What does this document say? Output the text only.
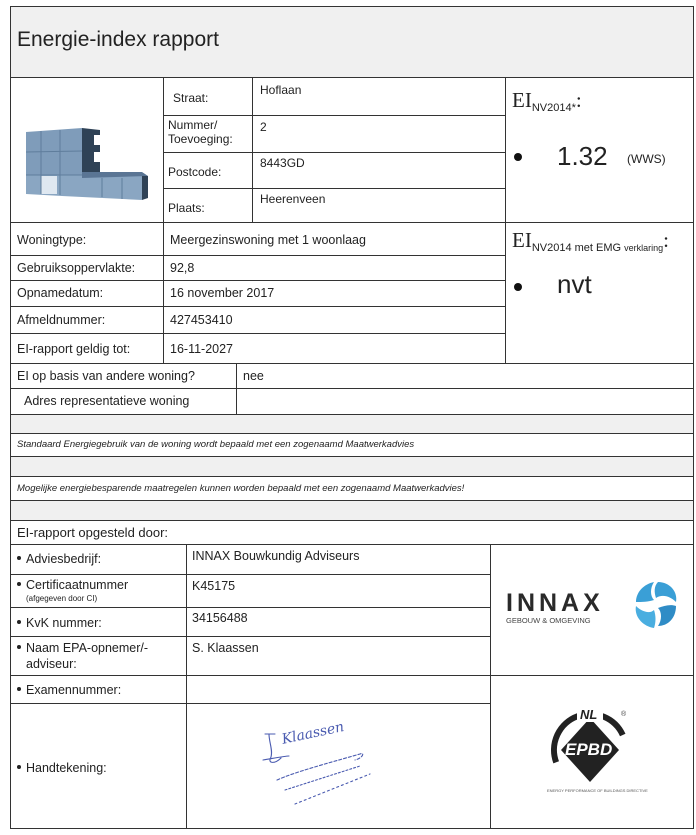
Energie-index rapport
Straat:
Hoflaan
Nummer/
Toevoeging:
2
Postcode:
8443GD
Plaats:
Heerenveen
$EI_{NV2014*}$:
1.32 (WWS)
$EI_{NV2014 met EMG verklaring}$:
nvt
Woningtype:	Meergezinswoning met 1 woonlaag
Gebruiksoppervlakte:	92,8
Opnamedatum:	16 november 2017
Afmeldnummer:	427453410
EI-rapport geldig tot:	16-11-2027
EI op basis van andere woning?	nee
Adres representatieve woning
Standaard Energiegebruik van de woning wordt bepaald met een zogenaamd Maatwerkadvies
Mogelijke energiebesparende maatregelen kunnen worden bepaald met een zogenaamd Maatwerkadvies!
EI-rapport opgesteld door:
Adviesbedrijf:	INNAX Bouwkundig Adviseurs
Certificaatnummer
(afgegeven door CI)
K45175
KvK nummer:	34156488
Naam EPA-opnemer/-
adviseur:
S. Klaassen
Examennummer:
Handtekening:
Klaassen
INNAX
GEBOUW & OMGEVING
NL	®
EPBD
ENERGY PERFORMANCE OF BUILDINGS DIRECTIVE
